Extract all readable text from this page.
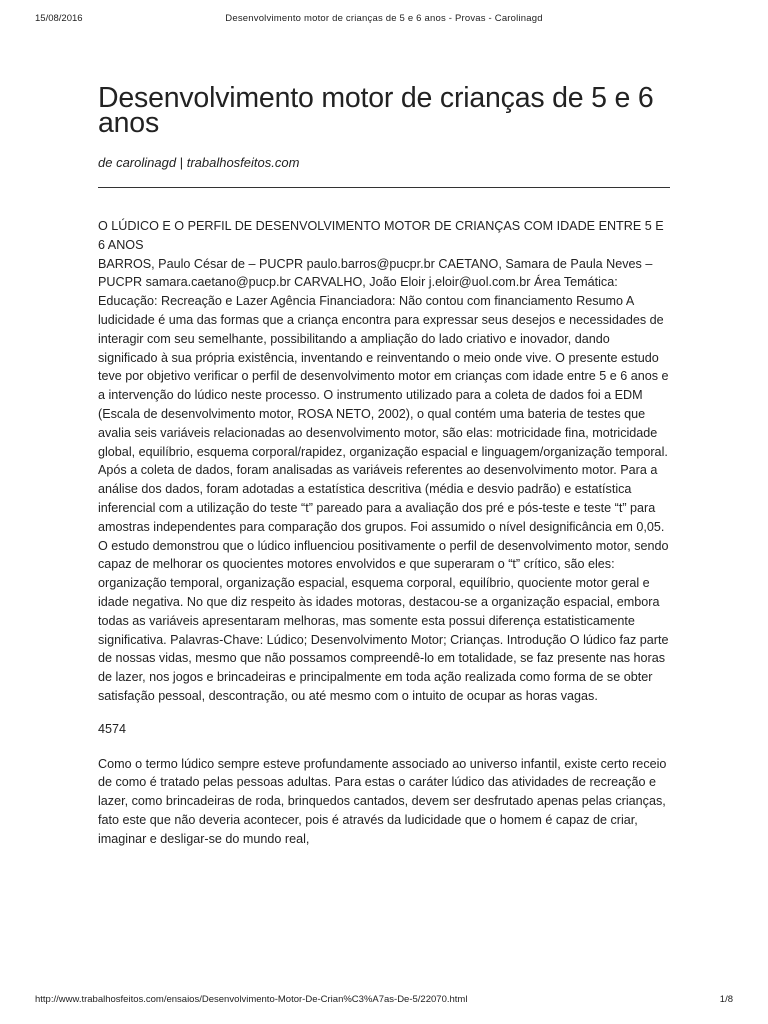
15/08/2016	Desenvolvimento motor de crianças de 5 e 6 anos - Provas - Carolinagd
Desenvolvimento motor de crianças de 5 e 6 anos
de carolinagd | trabalhosfeitos.com

O LÚDICO E O PERFIL DE DESENVOLVIMENTO MOTOR DE CRIANÇAS COM IDADE ENTRE 5 E 6 ANOS

BARROS, Paulo César de – PUCPR paulo.barros@pucpr.br CAETANO, Samara de Paula Neves – PUCPR samara.caetano@pucp.br CARVALHO, João Eloir j.eloir@uol.com.br Área Temática: Educação: Recreação e Lazer Agência Financiadora: Não contou com financiamento Resumo A ludicidade é uma das formas que a criança encontra para expressar seus desejos e necessidades de interagir com seu semelhante, possibilitando a ampliação do lado criativo e inovador, dando significado à sua própria existência, inventando e reinventando o meio onde vive. O presente estudo teve por objetivo verificar o perfil de desenvolvimento motor em crianças com idade entre 5 e 6 anos e a intervenção do lúdico neste processo. O instrumento utilizado para a coleta de dados foi a EDM (Escala de desenvolvimento motor, ROSA NETO, 2002), o qual contém uma bateria de testes que avalia seis variáveis relacionadas ao desenvolvimento motor, são elas: motricidade fina, motricidade global, equilíbrio, esquema corporal/rapidez, organização espacial e linguagem/organização temporal. Após a coleta de dados, foram analisadas as variáveis referentes ao desenvolvimento motor. Para a análise dos dados, foram adotadas a estatística descritiva (média e desvio padrão) e estatística inferencial com a utilização do teste “t” pareado para a avaliação dos pré e pós-teste e teste “t” para amostras independentes para comparação dos grupos. Foi assumido o nível designificância em 0,05. O estudo demonstrou que o lúdico influenciou positivamente o perfil de desenvolvimento motor, sendo capaz de melhorar os quocientes motores envolvidos e que superaram o “t” crítico, são eles: organização temporal, organização espacial, esquema corporal, equilíbrio, quociente motor geral e idade negativa. No que diz respeito às idades motoras, destacou-se a organização espacial, embora todas as variáveis apresentaram melhoras, mas somente esta possui diferença estatisticamente significativa. Palavras-Chave: Lúdico; Desenvolvimento Motor; Crianças. Introdução O lúdico faz parte de nossas vidas, mesmo que não possamos compreendê-lo em totalidade, se faz presente nas horas de lazer, nos jogos e brincadeiras e principalmente em toda ação realizada como forma de se obter satisfação pessoal, descontração, ou até mesmo com o intuito de ocupar as horas vagas.

4574

Como o termo lúdico sempre esteve profundamente associado ao universo infantil, existe certo receio de como é tratado pelas pessoas adultas. Para estas o caráter lúdico das atividades de recreação e lazer, como brincadeiras de roda, brinquedos cantados, devem ser desfrutado apenas pelas crianças, fato este que não deveria acontecer, pois é através da ludicidade que o homem é capaz de criar, imaginar e desligar-se do mundo real,

http://www.trabalhosfeitos.com/ensaios/Desenvolvimento-Motor-De-Crian%C3%A7as-De-5/22070.html	1/8
